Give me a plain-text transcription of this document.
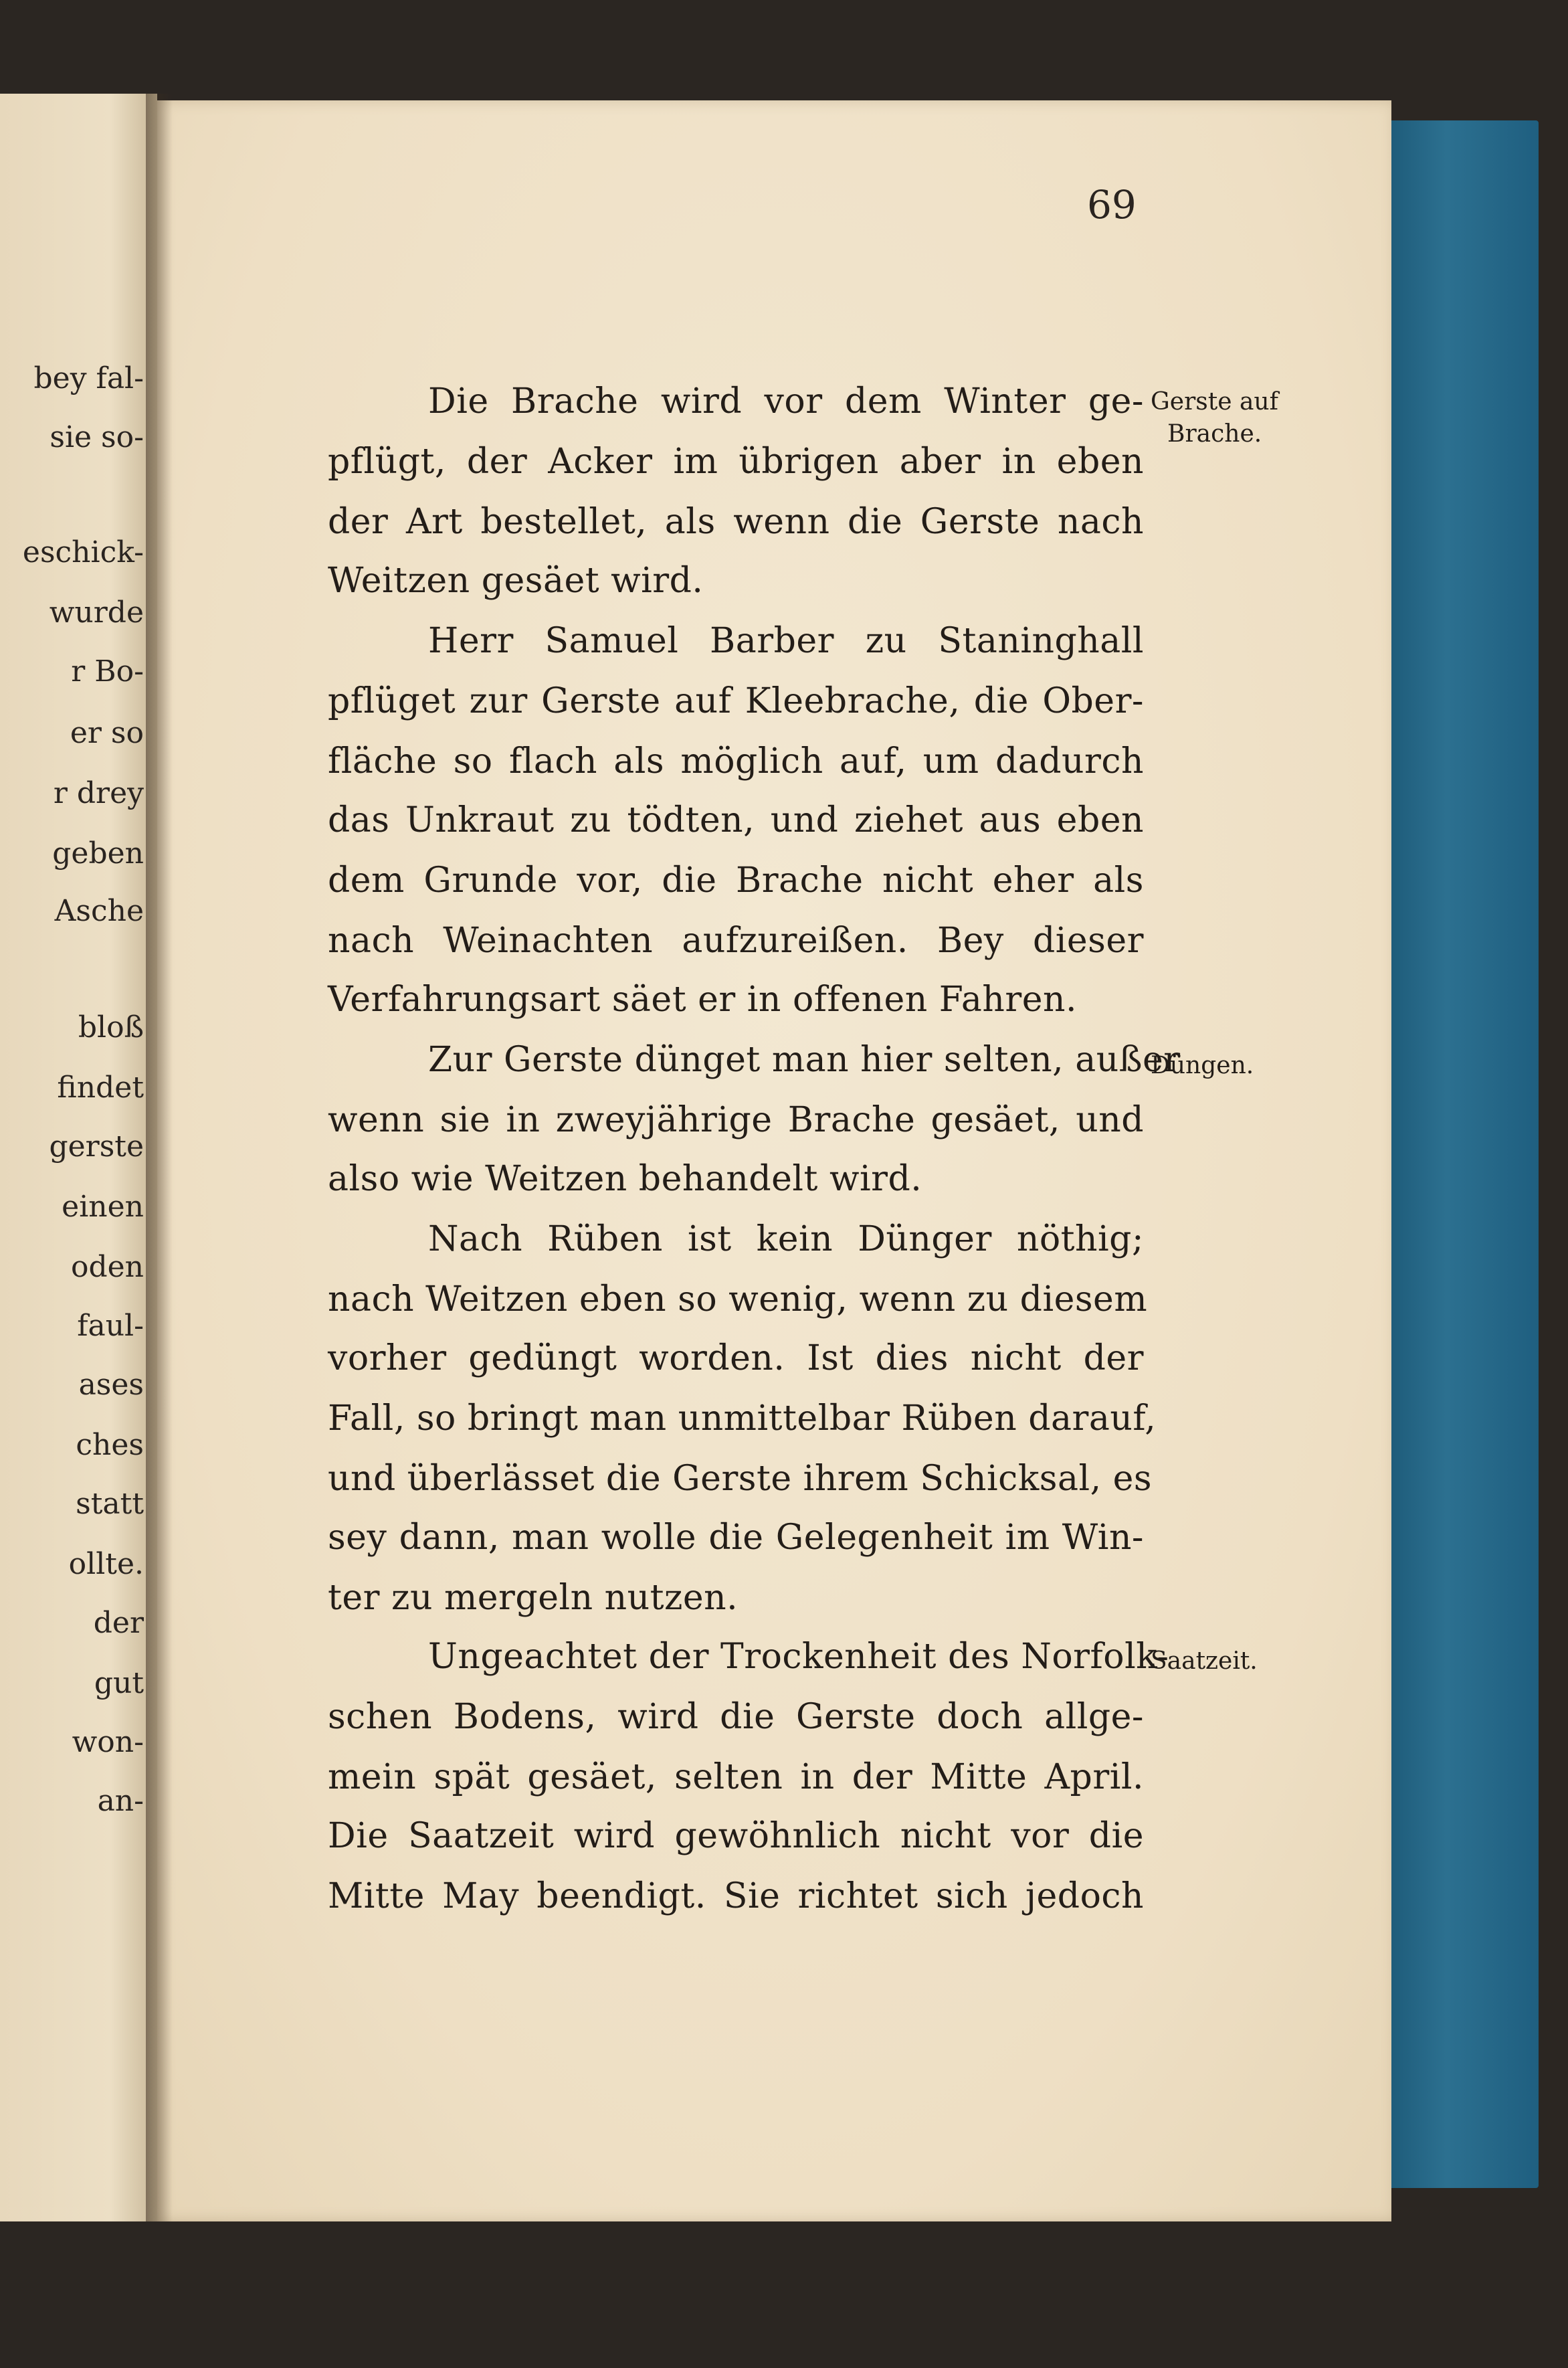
bey fal-
sie so-
eschick-
wurde
r Bo-
er so
r drey
geben
Asche
bloß
findet
gerste
einen
oden
faul-
ases
ches
statt
ollte.
der
gut
won-
an-
69
Die Brache wird vor dem Winter ge-
pflügt, der Acker im übrigen aber in eben
der Art bestellet, als wenn die Gerste nach
Weitzen gesäet wird.
Herr Samuel Barber zu Staninghall
pflüget zur Gerste auf Kleebrache, die Ober-
fläche so flach als möglich auf, um dadurch
das Unkraut zu tödten, und ziehet aus eben
dem Grunde vor, die Brache nicht eher als
nach Weinachten aufzureißen. Bey dieser
Verfahrungsart säet er in offenen Fahren.
Zur Gerste dünget man hier selten, außer
wenn sie in zweyjährige Brache gesäet, und
also wie Weitzen behandelt wird.
Nach Rüben ist kein Dünger nöthig;
nach Weitzen eben so wenig, wenn zu diesem
vorher gedüngt worden. Ist dies nicht der
Fall, so bringt man unmittelbar Rüben darauf,
und überlässet die Gerste ihrem Schicksal, es
sey dann, man wolle die Gelegenheit im Win-
ter zu mergeln nutzen.
Ungeachtet der Trockenheit des Norfolk-
schen Bodens, wird die Gerste doch allge-
mein spät gesäet, selten in der Mitte April.
Die Saatzeit wird gewöhnlich nicht vor die
Mitte May beendigt. Sie richtet sich jedoch
Gerste auf
Brache.
Düngen.
Saatzeit.
